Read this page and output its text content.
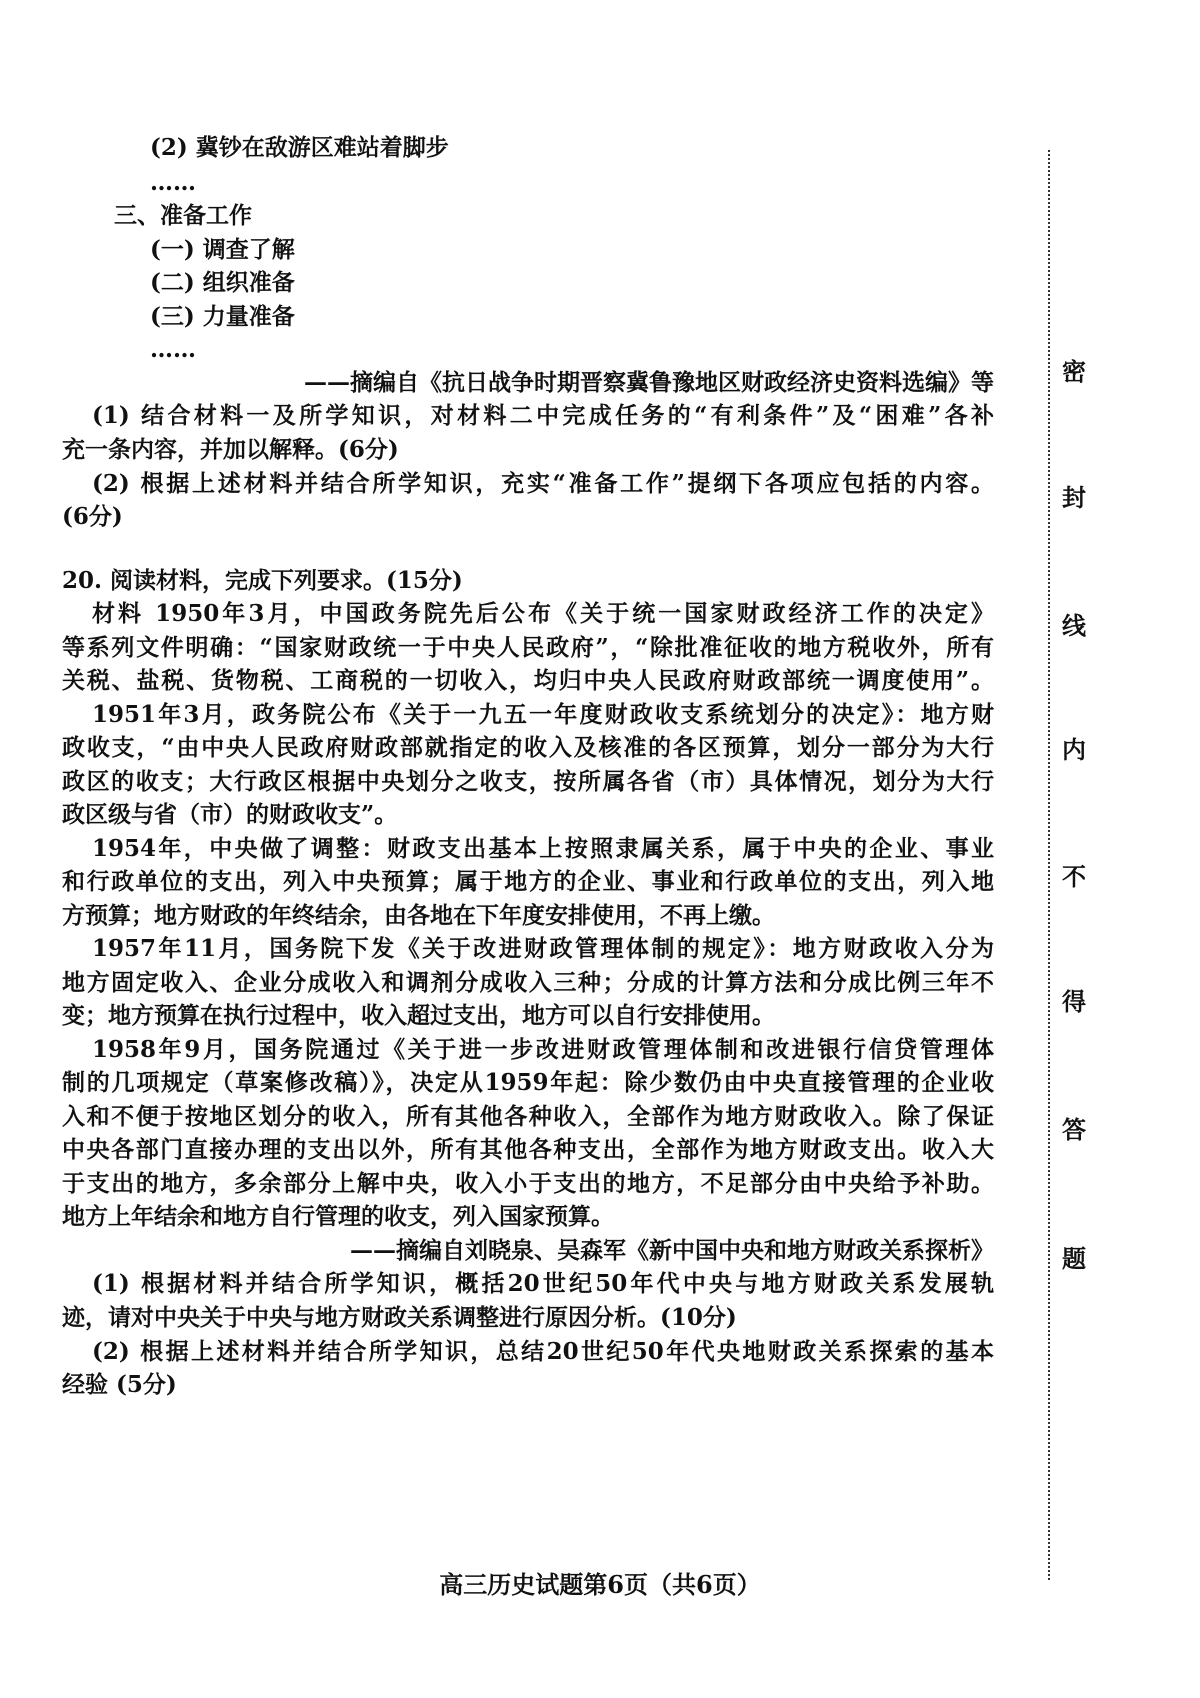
(2) 冀钞在敌游区难站着脚步
……
三、准备工作
(一) 调查了解
(二) 组织准备
(三) 力量准备
……
——摘编自《抗日战争时期晋察冀鲁豫地区财政经济史资料选编》等
(1) 结合材料一及所学知识，对材料二中完成任务的“有利条件”及“困难”各补
充一条内容，并加以解释。(6分)
(2) 根据上述材料并结合所学知识，充实“准备工作”提纲下各项应包括的内容。
(6分)
20. 阅读材料，完成下列要求。(15分)
材料 1950年3月，中国政务院先后公布《关于统一国家财政经济工作的决定》
等系列文件明确：“国家财政统一于中央人民政府”，“除批准征收的地方税收外，所有
关税、盐税、货物税、工商税的一切收入，均归中央人民政府财政部统一调度使用”。
1951年3月，政务院公布《关于一九五一年度财政收支系统划分的决定》：地方财
政收支，“由中央人民政府财政部就指定的收入及核准的各区预算，划分一部分为大行
政区的收支；大行政区根据中央划分之收支，按所属各省（市）具体情况，划分为大行
政区级与省（市）的财政收支”。
1954年，中央做了调整：财政支出基本上按照隶属关系，属于中央的企业、事业
和行政单位的支出，列入中央预算；属于地方的企业、事业和行政单位的支出，列入地
方预算；地方财政的年终结余，由各地在下年度安排使用，不再上缴。
1957年11月，国务院下发《关于改进财政管理体制的规定》：地方财政收入分为
地方固定收入、企业分成收入和调剂分成收入三种；分成的计算方法和分成比例三年不
变；地方预算在执行过程中，收入超过支出，地方可以自行安排使用。
1958年9月，国务院通过《关于进一步改进财政管理体制和改进银行信贷管理体
制的几项规定（草案修改稿）》，决定从1959年起：除少数仍由中央直接管理的企业收
入和不便于按地区划分的收入，所有其他各种收入，全部作为地方财政收入。除了保证
中央各部门直接办理的支出以外，所有其他各种支出，全部作为地方财政支出。收入大
于支出的地方，多余部分上解中央，收入小于支出的地方，不足部分由中央给予补助。
地方上年结余和地方自行管理的收支，列入国家预算。
——摘编自刘晓泉、吴森军《新中国中央和地方财政关系探析》
(1) 根据材料并结合所学知识，概括20世纪50年代中央与地方财政关系发展轨
迹，请对中央关于中央与地方财政关系调整进行原因分析。(10分)
(2) 根据上述材料并结合所学知识，总结20世纪50年代央地财政关系探索的基本
经验 (5分)
高三历史试题第6页（共6页）
密
封
线
内
不
得
答
题
